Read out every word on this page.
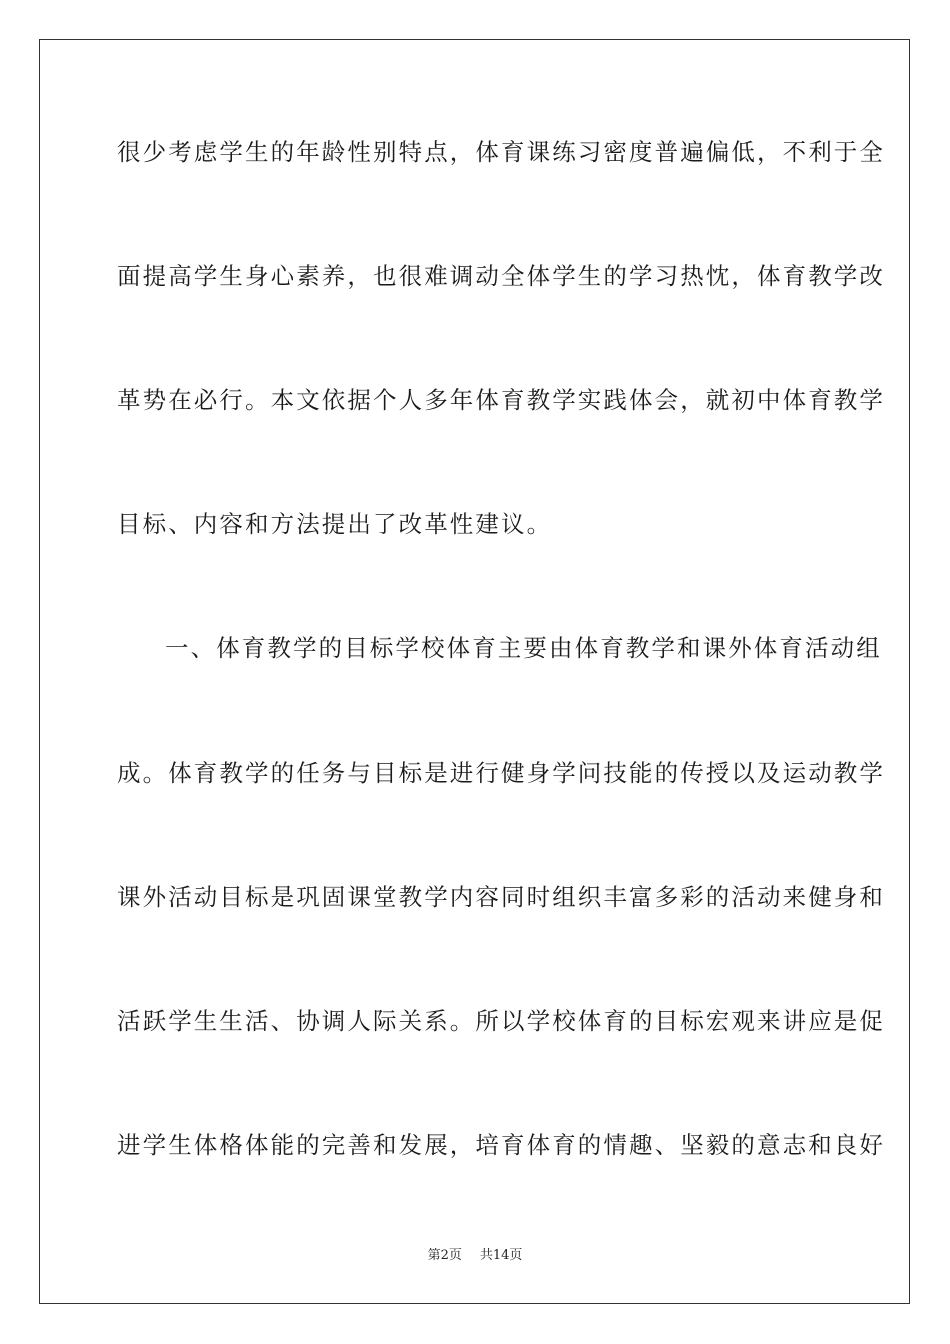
很少考虑学生的年龄性别特点，体育课练习密度普遍偏低，不利于全
面提高学生身心素养，也很难调动全体学生的学习热忱，体育教学改
革势在必行。本文依据个人多年体育教学实践体会，就初中体育教学
目标、内容和方法提出了改革性建议。
一、体育教学的目标学校体育主要由体育教学和课外体育活动组
成。体育教学的任务与目标是进行健身学问技能的传授以及运动教学
课外活动目标是巩固课堂教学内容同时组织丰富多彩的活动来健身和
活跃学生生活、协调人际关系。所以学校体育的目标宏观来讲应是促
进学生体格体能的完善和发展，培育体育的情趣、坚毅的意志和良好
第2页 共14页
